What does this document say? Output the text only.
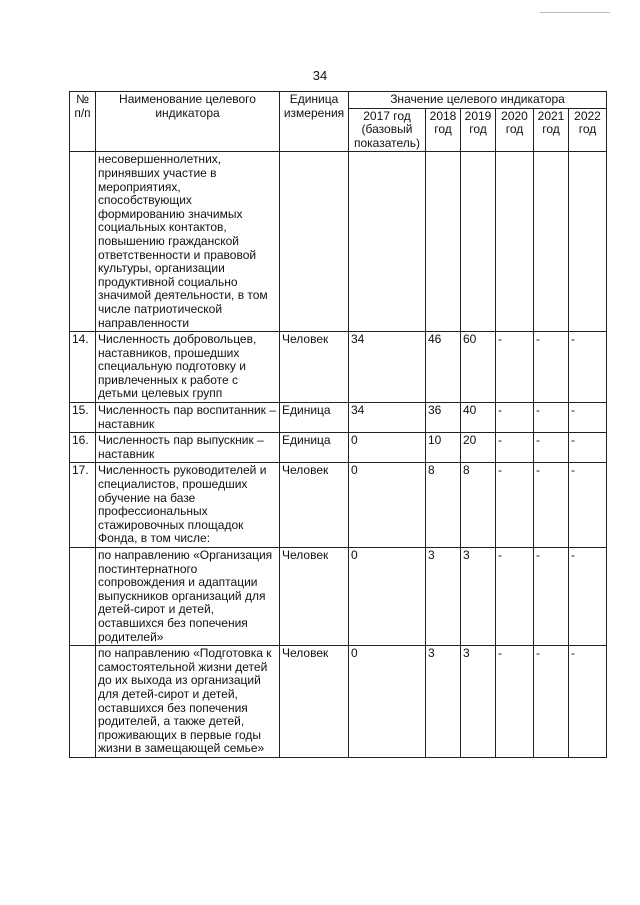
34
№ п/п	Наименование целевого индикатора	Единица измерения	Значение целевого индикатора					
			2017 год (базовый показатель)	2018 год	2019 год	2020 год	2021 год	2022 год
	несовершеннолетних, принявших участие в мероприятиях, способствующих формированию значимых социальных контактов, повышению гражданской ответственности и правовой культуры, организации продуктивной социально значимой деятельности, в том числе патриотической направленности							
14.	Численность добровольцев, наставников, прошедших специальную подготовку и привлеченных к работе с детьми целевых групп	Человек	34	46	60	-	-	-
15.	Численность пар воспитанник – наставник	Единица	34	36	40	-	-	-
16.	Численность пар выпускник – наставник	Единица	0	10	20	-	-	-
17.	Численность руководителей и специалистов, прошедших обучение на базе профессиональных стажировочных площадок Фонда, в том числе:	Человек	0	8	8	-	-	-
	по направлению «Организация постинтернатного сопровождения и адаптации выпускников организаций для детей-сирот и детей, оставшихся без попечения родителей»	Человек	0	3	3	-	-	-
	по направлению «Подготовка к самостоятельной жизни детей до их выхода из организаций для детей-сирот и детей, оставшихся без попечения родителей, а также детей, проживающих в первые годы жизни в замещающей семье»	Человек	0	3	3	-	-	-
